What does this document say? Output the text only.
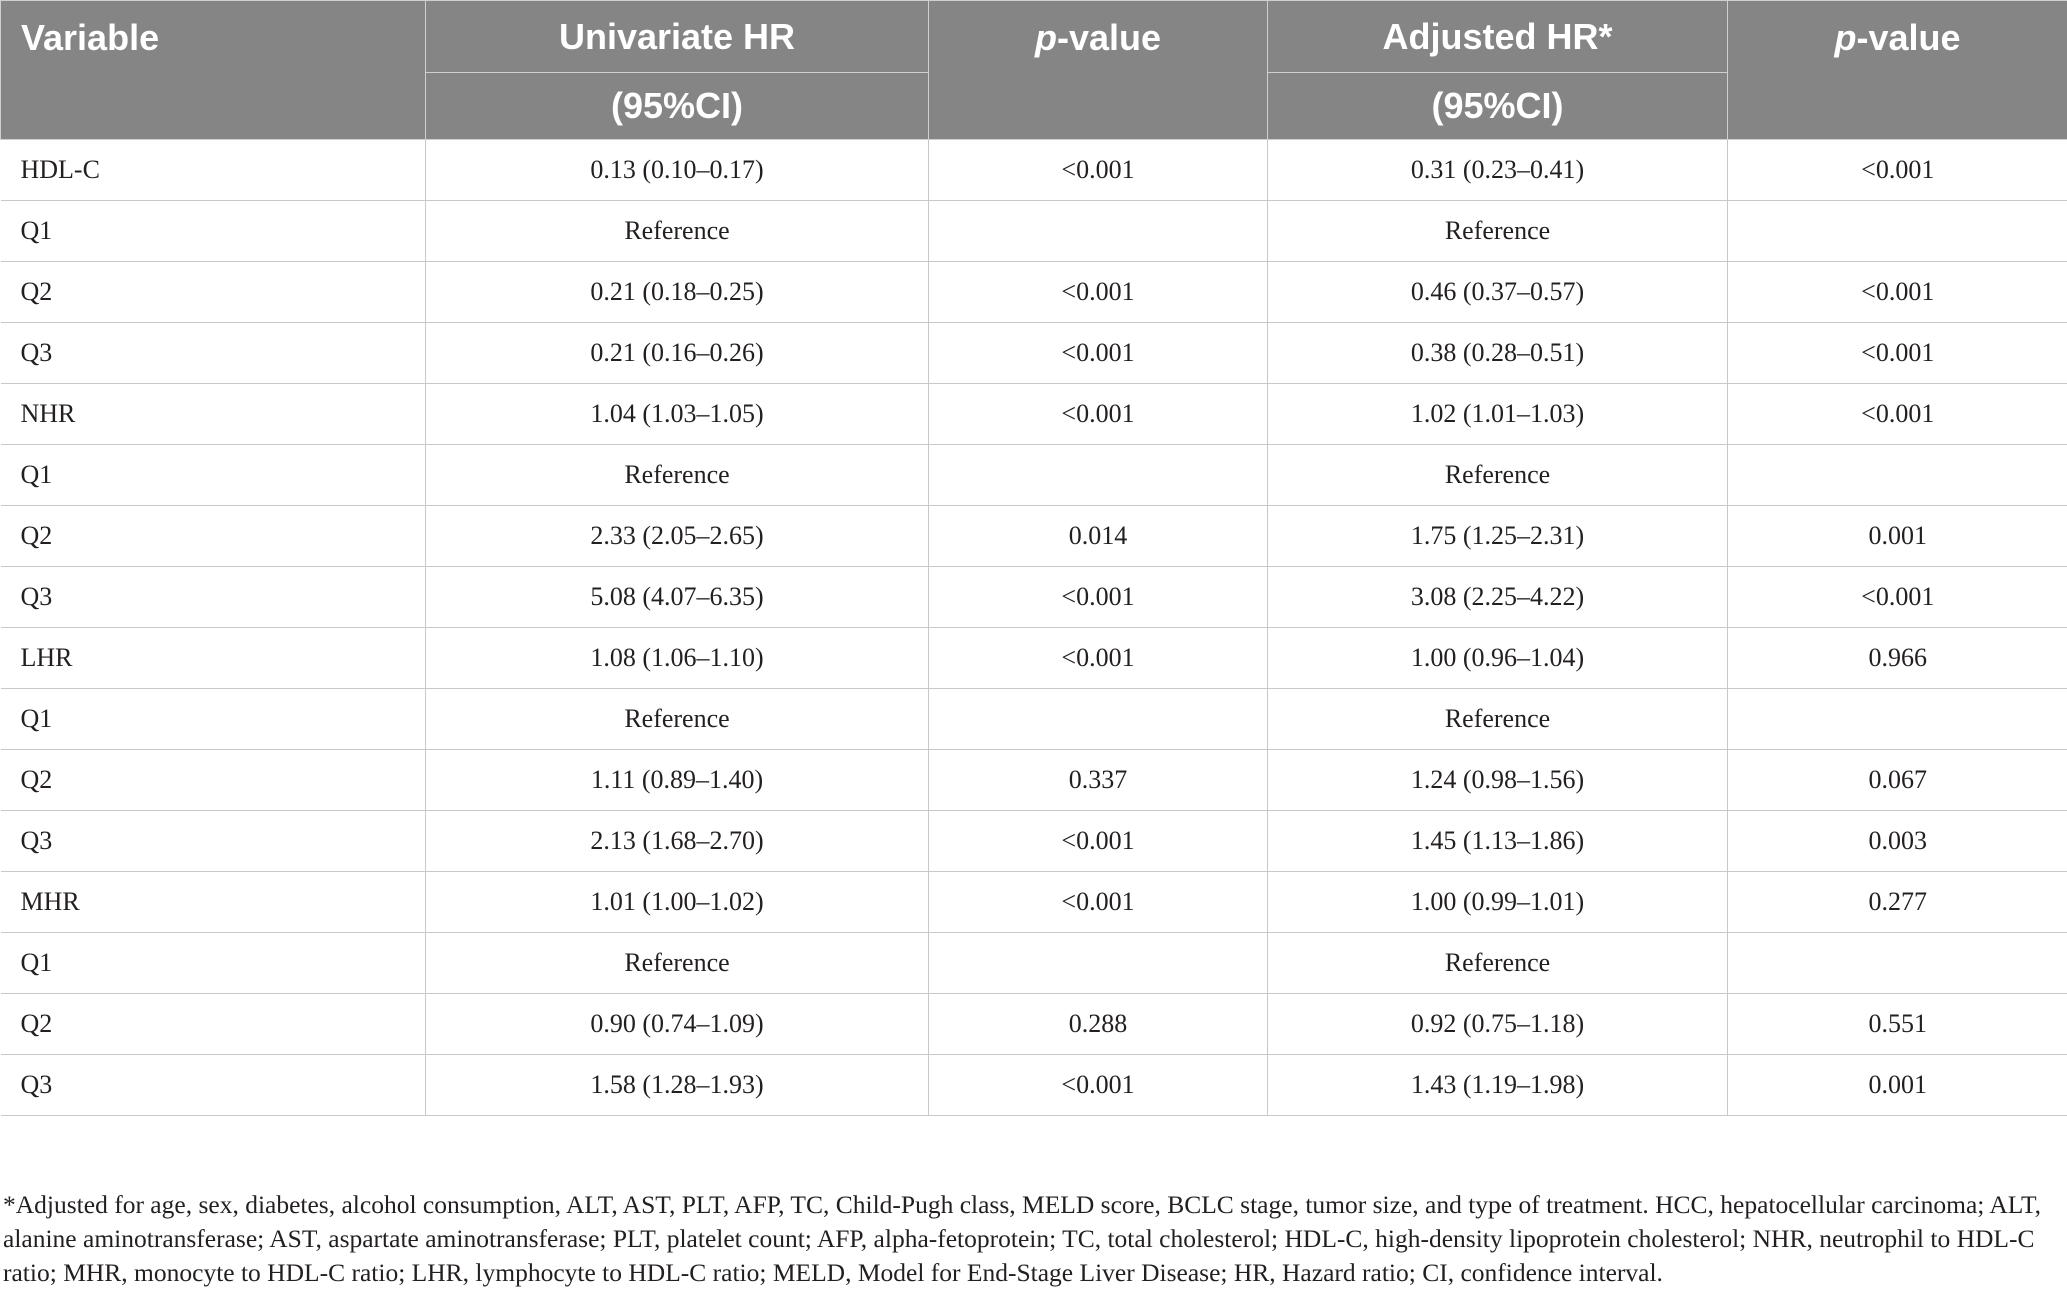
Variable	Univariate HR	p-value	Adjusted HR*	p-value
	(95%CI)		(95%CI)	
HDL-C	0.13 (0.10–0.17)	<0.001	0.31 (0.23–0.41)	<0.001
Q1	Reference		Reference	
Q2	0.21 (0.18–0.25)	<0.001	0.46 (0.37–0.57)	<0.001
Q3	0.21 (0.16–0.26)	<0.001	0.38 (0.28–0.51)	<0.001
NHR	1.04 (1.03–1.05)	<0.001	1.02 (1.01–1.03)	<0.001
Q1	Reference		Reference	
Q2	2.33 (2.05–2.65)	0.014	1.75 (1.25–2.31)	0.001
Q3	5.08 (4.07–6.35)	<0.001	3.08 (2.25–4.22)	<0.001
LHR	1.08 (1.06–1.10)	<0.001	1.00 (0.96–1.04)	0.966
Q1	Reference		Reference	
Q2	1.11 (0.89–1.40)	0.337	1.24 (0.98–1.56)	0.067
Q3	2.13 (1.68–2.70)	<0.001	1.45 (1.13–1.86)	0.003
MHR	1.01 (1.00–1.02)	<0.001	1.00 (0.99–1.01)	0.277
Q1	Reference		Reference	
Q2	0.90 (0.74–1.09)	0.288	0.92 (0.75–1.18)	0.551
Q3	1.58 (1.28–1.93)	<0.001	1.43 (1.19–1.98)	0.001

*Adjusted for age, sex, diabetes, alcohol consumption, ALT, AST, PLT, AFP, TC, Child-Pugh class, MELD score, BCLC stage, tumor size, and type of treatment. HCC, hepatocellular carcinoma; ALT, alanine aminotransferase; AST, aspartate aminotransferase; PLT, platelet count; AFP, alpha-fetoprotein; TC, total cholesterol; HDL-C, high-density lipoprotein cholesterol; NHR, neutrophil to HDL-C ratio; MHR, monocyte to HDL-C ratio; LHR, lymphocyte to HDL-C ratio; MELD, Model for End-Stage Liver Disease; HR, Hazard ratio; CI, confidence interval.
